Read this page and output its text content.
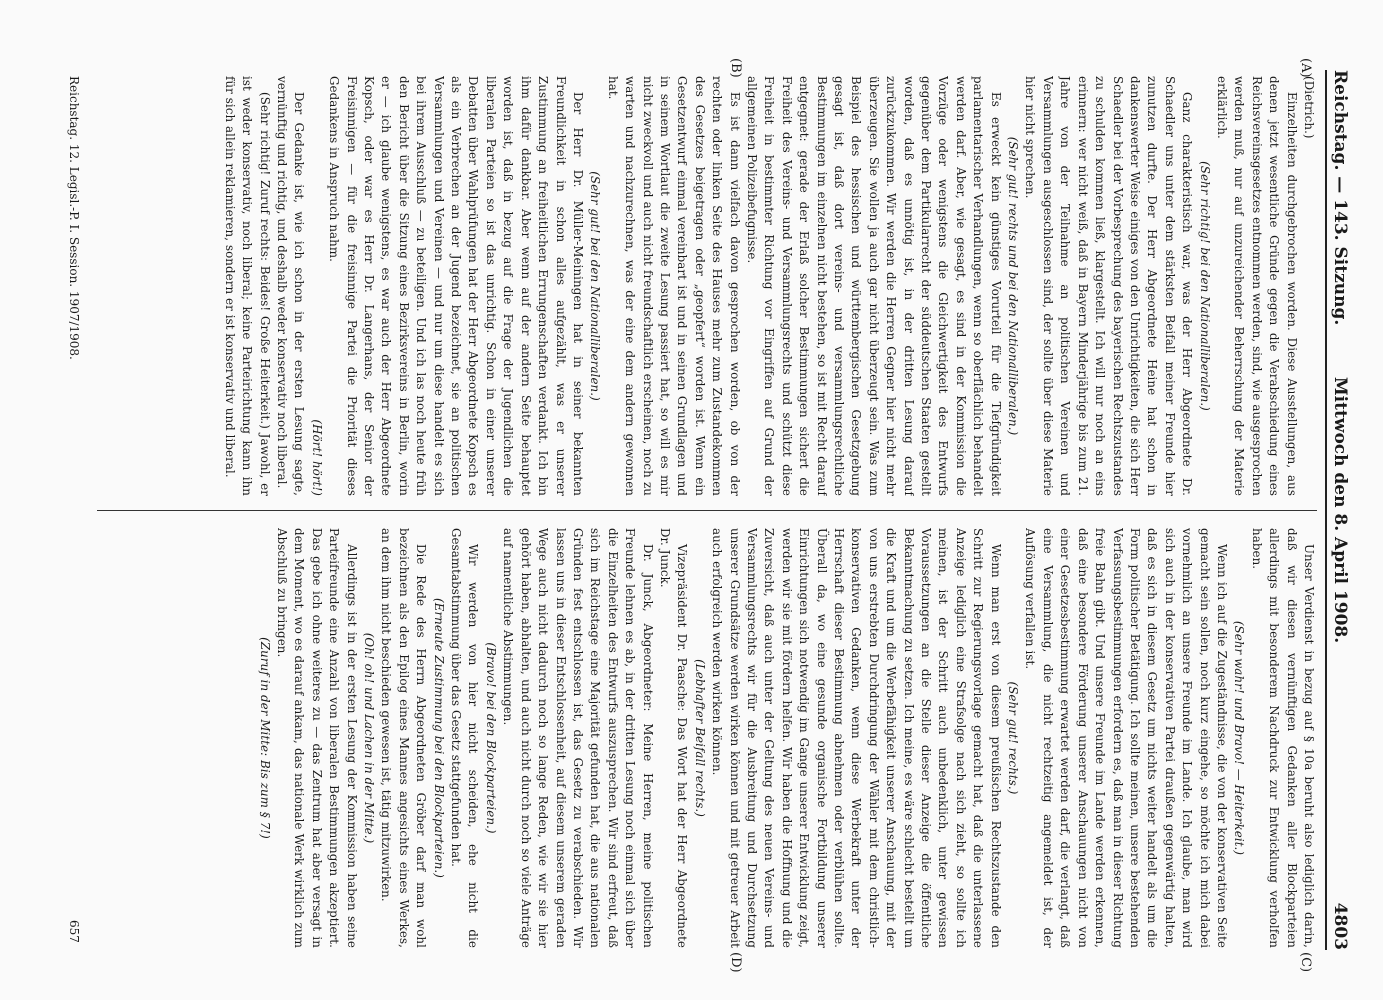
Reichstag. — 143. Sitzung.
Mittwoch den 8. April 1908.
4803
(A)
(B)
(C)
(D)

(Dietrich.)

Einzelheiten durchgebrochen worden. Diese Ausstellungen, aus denen jetzt wesentliche Gründe gegen die Verabschiedung eines Reichsvereinsgesetzes entnommen werden, sind, wie ausgesprochen werden muß, nur auf unzureichender Beherrschung der Materie erklärlich.

(Sehr richtig! bei den Nationalliberalen.)

Ganz charakteristisch war, was der Herr Abgeordnete Dr. Schaedler uns unter dem stärksten Beifall meiner Freunde hier zunutzen durfte. Der Herr Abgeordnete Heine hat schon in dankenswerter Weise einiges von den Unrichtigkeiten, die sich Herr Schaedler bei der Vorbesprechung des bayerischen Rechtszustandes zu schulden kommen ließ, klargestellt. Ich will nur noch an eins erinnern: wer nicht weiß, daß in Bayern Minderjährige bis zum 21. Jahre von der Teilnahme an politischen Vereinen und Versammlungen ausgeschlossen sind, der sollte über diese Materie hier nicht sprechen.

(Sehr gut! rechts und bei den Nationalliberalen.)

Es erweckt kein günstiges Vorurteil für die Tiefgründigkeit parlamentarischer Verhandlungen, wenn so oberflächlich behandelt werden darf. Aber, wie gesagt, es sind in der Kommission die Vorzüge oder wenigstens die Gleichwertigkeit des Entwurfs gegenüber dem Partikularrecht der süddeutschen Staaten gestellt worden, daß es unnötig ist, in der dritten Lesung darauf zurückzukommen. Wir werden die Herren Gegner hier nicht mehr überzeugen. Sie wollen ja auch gar nicht überzeugt sein. Was zum Beispiel des hessischen und württembergischen Gesetzgebung gesagt ist, daß dort vereins- und versammlungsrechtliche Bestimmungen im einzelnen nicht bestehen, so ist mit Recht darauf entgegnet: gerade der Erlaß solcher Bestimmungen sichert die Freiheit des Vereins- und Versammlungsrechts und schützt diese Freiheit in bestimmter Richtung vor Eingriffen auf Grund der allgemeinen Polizeibefugnisse.

Es ist dann vielfach davon gesprochen worden, ob von der rechten oder linken Seite des Hauses mehr zum Zustandekommen des Gesetzes beigetragen oder „geopfert“ worden ist. Wenn ein Gesetzentwurf einmal vereinbart ist und in seinen Grundlagen und in seinem Wortlaut die zweite Lesung passiert hat, so will es mir nicht zweckvoll und auch nicht freundschaftlich erscheinen, noch zu warten und nachzurechnen, was der eine dem andern gewonnen hat.

(Sehr gut! bei den Nationalliberalen.)

Der Herr Dr. Müller-Meiningen hat in seiner bekannten Freundlichkeit in schon alles aufgezählt, was er unserer Zustimmung an freiheitlichen Errungenschaften verdankt. Ich bin ihm dafür dankbar. Aber wenn auf der andern Seite behauptet worden ist, daß in bezug auf die Frage der Jugendlichen die liberalen Parteien so ist das unrichtig. Schon in einer unserer Debatten über Wahlprüfungen hat der Herr Abgeordnete Kopsch es als ein Verbrechen an der Jugend bezeichnet, sie an politischen Versammlungen und Vereinen — und nur um diese handelt es sich bei ihrem Ausschluß — zu beteiligen. Und ich las noch heute früh den Bericht über die Sitzung eines Bezirksvereins in Berlin, worin er — ich glaube wenigstens, es war auch der Herr Abgeordnete Kopsch, oder war es Herr Dr. Langerhans, der Senior der Freisinnigen — für die freisinnige Partei die Priorität dieses Gedankens in Anspruch nahm.

(Hört! hört!)

Der Gedanke ist, wie ich schon in der ersten Lesung sagte, vernünftig und richtig, und deshalb weder konservativ noch liberal.

(Sehr richtig! Zuruf rechts: Beides! Große Heiterkeit.) Jawohl, er ist weder konservativ, noch liberal; keine Parteirichtung kann ihn für sich allein reklamieren, sondern er ist konservativ und liberal.

Unser Verdienst in bezug auf § 10a beruht also lediglich darin, daß wir diesen vernünftigen Gedanken aller Blockparteien allerdings mit besonderem Nachdruck zur Entwicklung verholfen haben.

(Sehr wahr! und Bravo! — Heiterkeit.)

Wenn ich auf die Zugeständnisse, die von der konservativen Seite gemacht sein sollen, noch kurz eingehe, so möchte ich mich dabei vornehmlich an unsere Freunde im Lande. Ich glaube, man wird sich auch in der konservativen Partei draußen gegenwärtig halten, daß es sich in diesem Gesetz um nichts weiter handelt als um die Form politischer Betätigung. Ich sollte meinen, unsere bestehenden Verfassungsbestimmungen erfordern es, daß man in dieser Richtung freie Bahn gibt. Und unsere Freunde im Lande werden erkennen, daß eine besondere Förderung unserer Anschauungen nicht von einer Gesetzesbestimmung erwartet werden darf, die verlangt, daß eine Versammlung, die nicht rechtzeitig angemeldet ist, der Auflösung verfallen ist.

(Sehr gut! rechts.)

Wenn man erst von diesem preußischen Rechtszustande den Schritt zur Regierungsvorlage gemacht hat, daß die unterlassene Anzeige lediglich eine Strafsolge nach sich zieht, so sollte ich meinen, ist der Schritt auch unbedenklich, unter gewissen Voraussetzungen an die Stelle dieser Anzeige die öffentliche Bekanntmachung zu setzen. Ich meine, es wäre schlecht bestellt um die Kraft und um die Werbefähigkeit unserer Anschauung, mit der von uns erstrebten Durchdringung der Wähler mit dem christlich-konservativen Gedanken, wenn diese Werbekraft unter der Herrschaft dieser Bestimmung abnehmen oder verblühen sollte. Überall da, wo eine gesunde organische Fortbildung unserer Einrichtungen sich notwendig im Gange unserer Entwicklung zeigt, werden wir sie mit fördern helfen. Wir haben die Hoffnung und die Zuversicht, daß auch unter der Geltung des neuen Vereins- und Versammlungsrechts wir für die Ausbreitung und Durchsetzung unserer Grundsätze werden wirken können und mit getreuer Arbeit auch erfolgreich werden wirken können.

(Lebhafter Beifall rechts.)

Vizepräsident Dr. Paasche: Das Wort hat der Herr Abgeordnete Dr. Junck.

Dr. Junck, Abgeordneter: Meine Herren, meine politischen Freunde lehnen es ab, in der dritten Lesung noch einmal sich über die Einzelheiten des Entwurfs auszusprechen. Wir sind erfreut, daß sich im Reichstage eine Majorität gefunden hat, die aus nationalen Gründen fest entschlossen ist, das Gesetz zu verabschieden. Wir lassen uns in dieser Entschlossenheit, auf diesem unserem geraden Wege auch nicht dadurch noch so lange Reden, wie wir sie hier gehört haben, abhalten, und auch nicht durch noch so viele Anträge auf namentliche Abstimmungen.

(Bravo! bei den Blockparteien.)

Wir werden von hier nicht scheiden, ehe nicht die Gesamtabstimmung über das Gesetz stattgefunden hat.

(Erneute Zustimmung bei den Blockparteien.)

Die Rede des Herrn Abgeordneten Gröber darf man wohl bezeichnen als den Epilog eines Mannes angesichts eines Werkes, an dem ihm nicht beschieden gewesen ist, tätig mitzuwirken.

(Oh! oh! und Lachen in der Mitte.)

Allerdings ist in der ersten Lesung der Kommission haben seine Parteifreunde eine Anzahl von liberalen Bestimmungen akzeptiert. Das gebe ich ohne weiteres zu — das Zentrum hat aber versagt in dem Moment, wo es darauf ankam, das nationale Werk wirklich zum Abschluß zu bringen.

(Zuruf in der Mitte: Bis zum § 7!)

Reichstag. 12. Legisl.-P. I. Session. 1907/1908.
657
